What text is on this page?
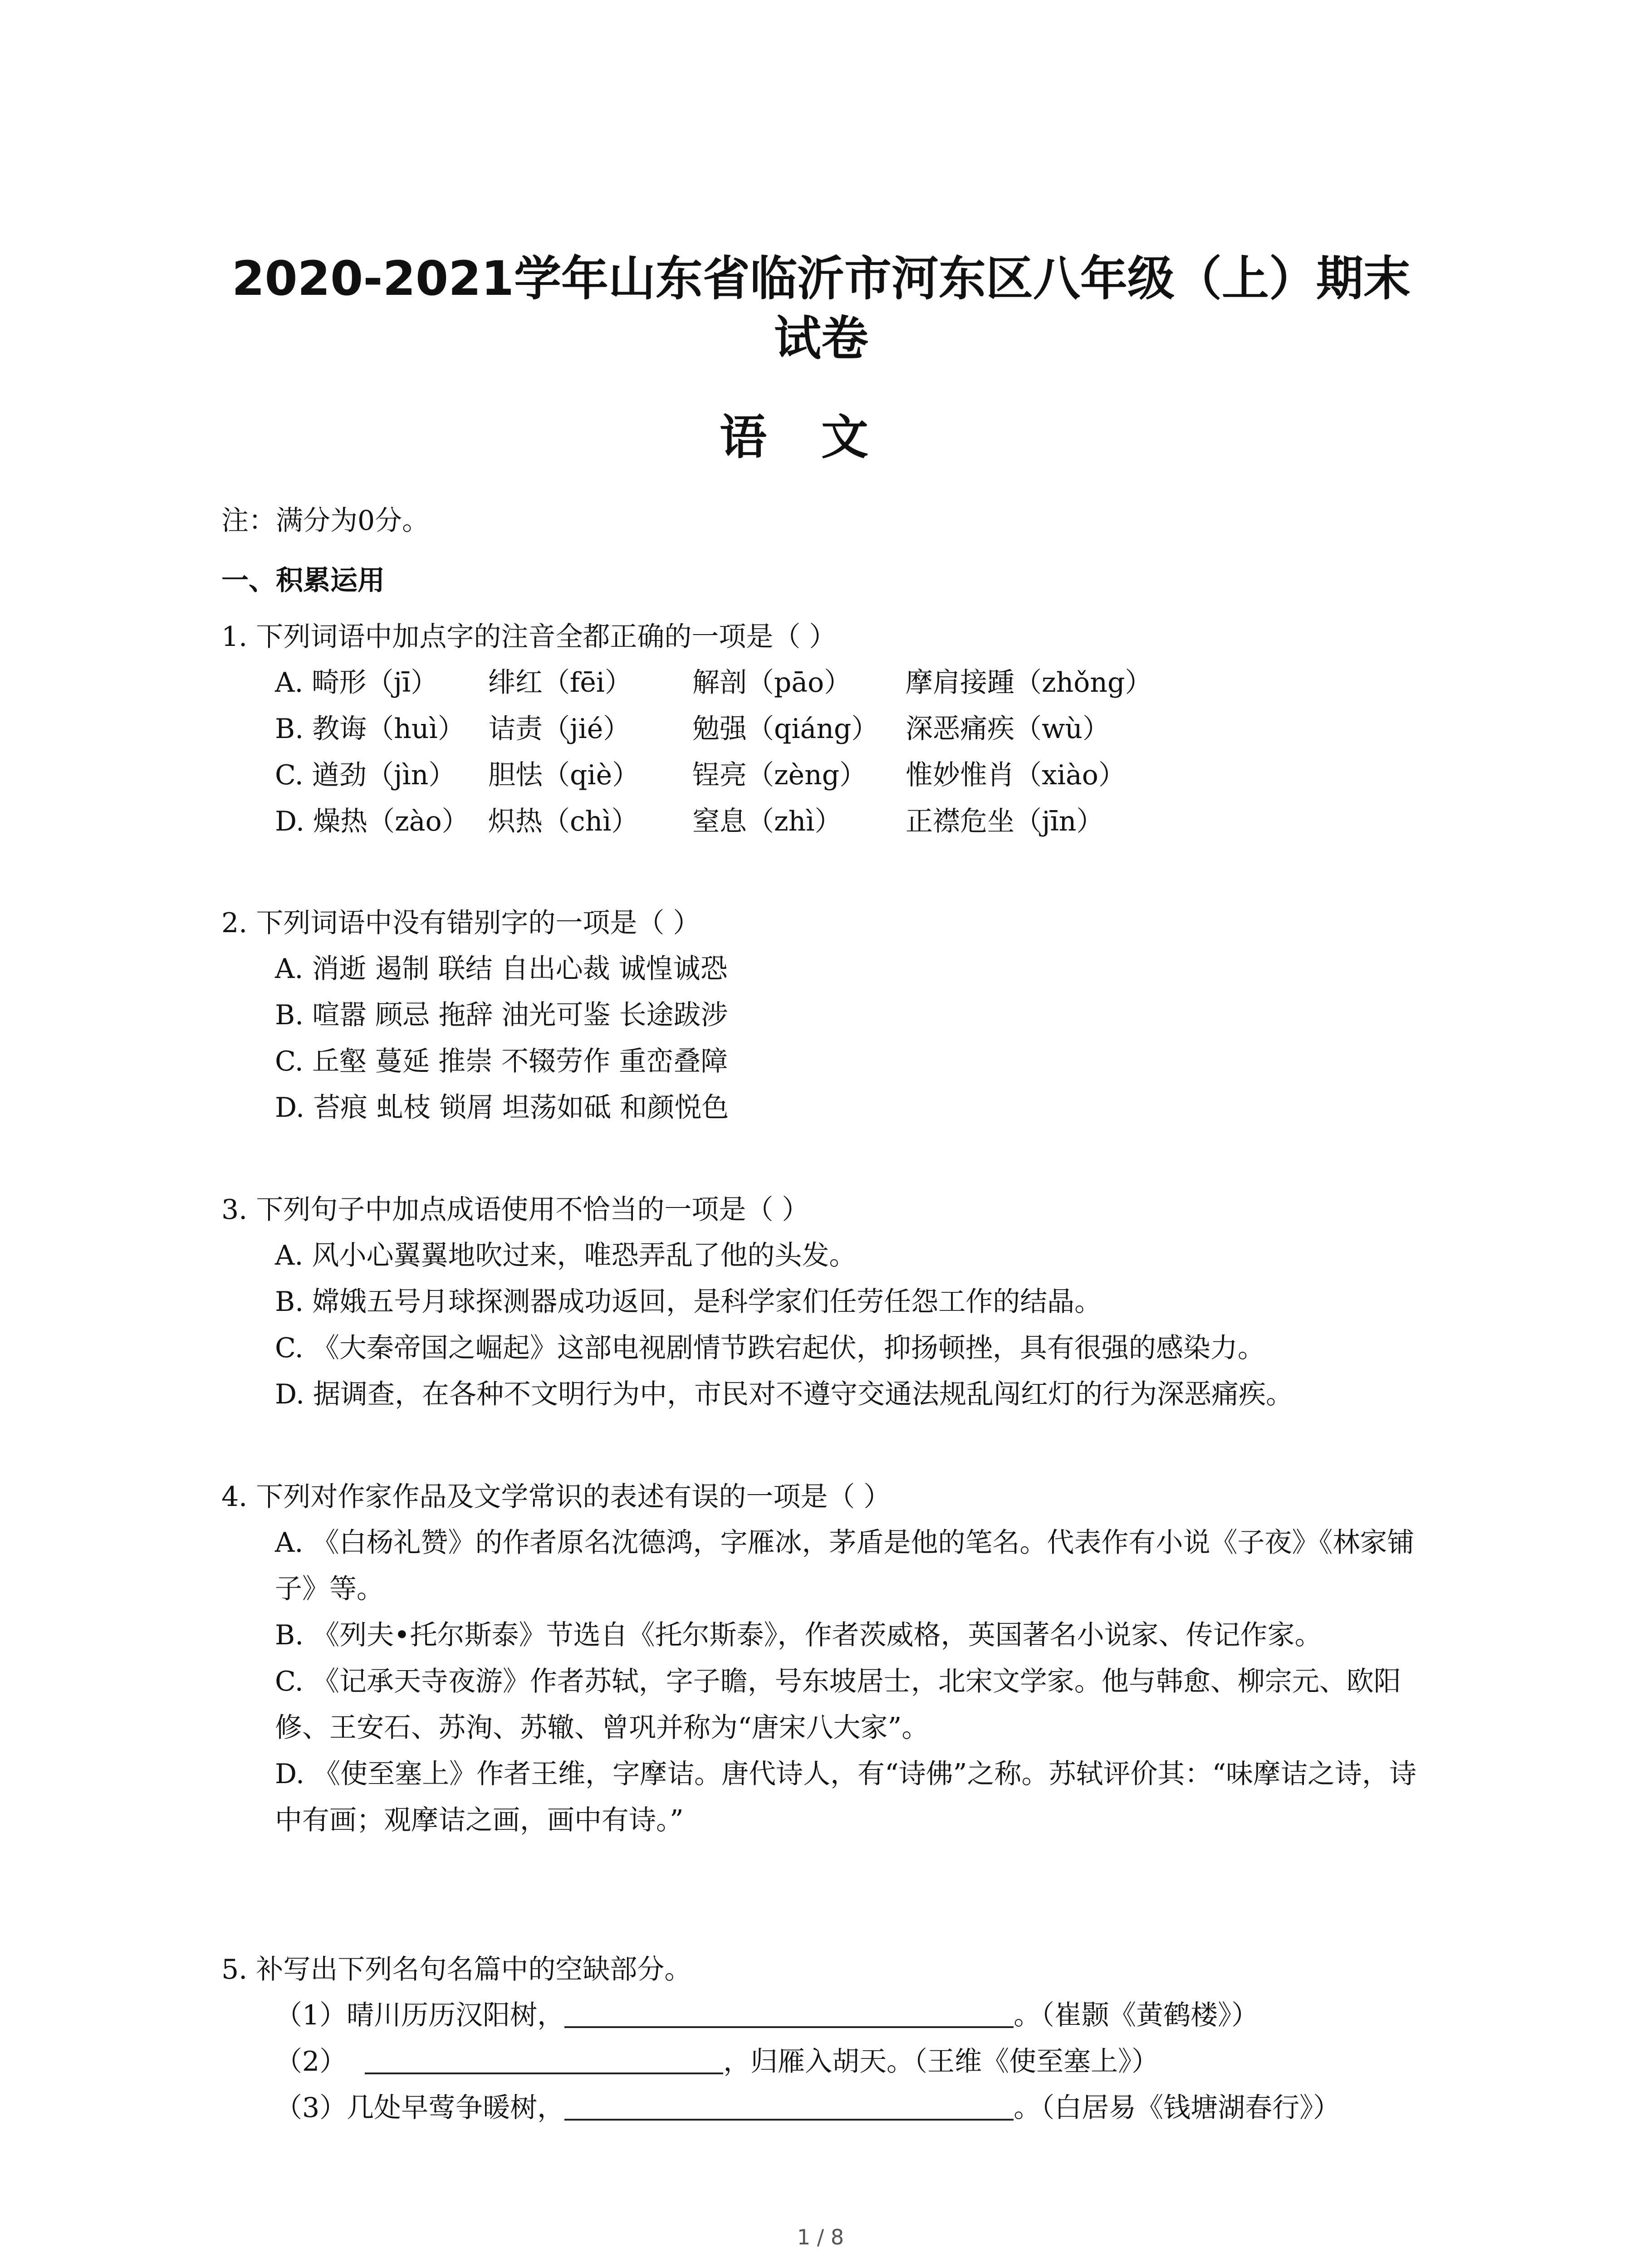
2020-2021学年山东省临沂市河东区八年级（上）期末
试卷
语文
注：满分为0分。
一、积累运用
1. 下列词语中加点字的注音全都正确的一项是（ ）
A. 畸形（jī） 绯红（fēi） 解剖（pāo） 摩肩接踵（zhǒng）
B. 教诲（huì） 诘责（jié） 勉强（qiáng） 深恶痛疾（wù）
C. 遒劲（jìn） 胆怯（qiè） 锃亮（zèng） 惟妙惟肖（xiào）
D. 燥热（zào） 炽热（chì） 窒息（zhì） 正襟危坐（jīn）
2. 下列词语中没有错别字的一项是（ ）
A. 消逝 遏制 联结 自出心裁 诚惶诚恐
B. 喧嚣 顾忌 拖辞 油光可鉴 长途跋涉
C. 丘壑 蔓延 推崇 不辍劳作 重峦叠障
D. 苔痕 虬枝 锁屑 坦荡如砥 和颜悦色
3. 下列句子中加点成语使用不恰当的一项是（ ）
A. 风小心翼翼地吹过来，唯恐弄乱了他的头发。
B. 嫦娥五号月球探测器成功返回，是科学家们任劳任怨工作的结晶。
C. 《大秦帝国之崛起》这部电视剧情节跌宕起伏，抑扬顿挫，具有很强的感染力。
D. 据调查，在各种不文明行为中，市民对不遵守交通法规乱闯红灯的行为深恶痛疾。
4. 下列对作家作品及文学常识的表述有误的一项是（ ）
A. 《白杨礼赞》的作者原名沈德鸿，字雁冰，茅盾是他的笔名。代表作有小说《子夜》《林家铺子》等。
B. 《列夫•托尔斯泰》节选自《托尔斯泰》，作者茨威格，英国著名小说家、传记作家。
C. 《记承天寺夜游》作者苏轼，字子瞻，号东坡居士，北宋文学家。他与韩愈、柳宗元、欧阳修、王安石、苏洵、苏辙、曾巩并称为“唐宋八大家”。
D. 《使至塞上》作者王维，字摩诘。唐代诗人，有“诗佛”之称。苏轼评价其：“味摩诘之诗，诗中有画；观摩诘之画，画中有诗。”
5. 补写出下列名句名篇中的空缺部分。
（1）晴川历历汉阳树，	。（崔颢《黄鹤楼》）
（2）	，归雁入胡天。（王维《使至塞上》）
（3）几处早莺争暖树，	。（白居易《钱塘湖春行》）
1 / 8
